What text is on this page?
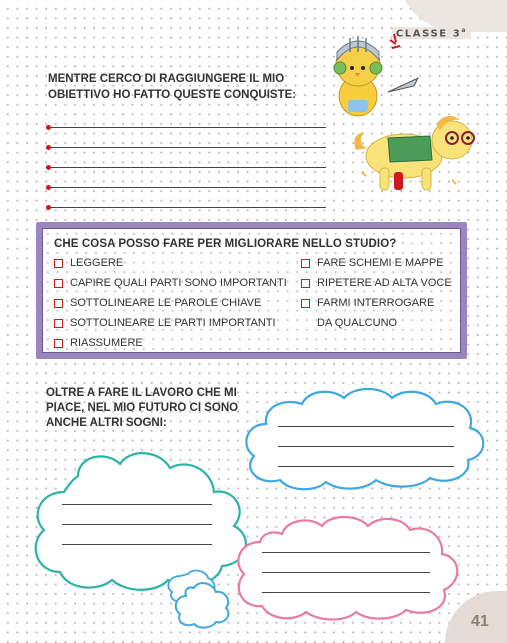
CLASSE 3$^a$
MENTRE CERCO DI RAGGIUNGERE IL MIO OBIETTIVO HO FATTO QUESTE CONQUISTE:
CHE COSA POSSO FARE PER MIGLIORARE NELLO STUDIO?
LEGGERE
CAPIRE QUALI PARTI SONO IMPORTANTI
SOTTOLINEARE LE PAROLE CHIAVE
SOTTOLINEARE LE PARTI IMPORTANTI
RIASSUMERE
FARE SCHEMI E MAPPE
RIPETERE AD ALTA VOCE
FARMI INTERROGARE
DA QUALCUNO
OLTRE A FARE IL LAVORO CHE MI PIACE, NEL MIO FUTURO CI SONO ANCHE ALTRI SOGNI:
41
